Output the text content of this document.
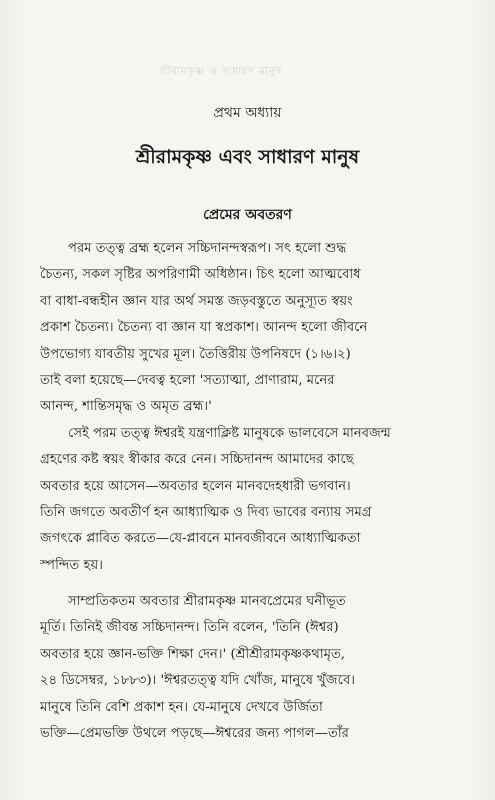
শ্রীরামকৃষ্ণ ও সাধারণ মানুষ
প্রথম অধ্যায়
শ্রীরামকৃষ্ণ এবং সাধারণ মানুষ
প্রেমের অবতরণ
পরম তত্ত্ব ব্রহ্ম হলেন সচ্চিদানন্দস্বরূপ। সৎ হলো শুদ্ধ
চৈতন্য, সকল সৃষ্টির অপরিণামী অধিষ্ঠান। চিৎ হলো আত্মবোধ
বা বাধা-বন্ধহীন জ্ঞান যার অর্থ সমস্ত জড়বস্তুতে অনুস্যূত স্বয়ং
প্রকাশ চৈতন্য। চৈতন্য বা জ্ঞান যা স্বপ্রকাশ। আনন্দ হলো জীবনে
উপভোগ্য যাবতীয় সুখের মূল। তৈত্তিরীয় উপনিষদে (১।৬।২)
তাই বলা হয়েছে—দেবত্ব হলো 'সত্যাত্মা, প্রাণারাম, মনের
আনন্দ, শান্তিসমৃদ্ধ ও অমৃত ব্রহ্ম।'
সেই পরম তত্ত্ব ঈশ্বরই যন্ত্রণাক্লিষ্ট মানুষকে ভালবেসে মানবজন্ম
গ্রহণের কষ্ট স্বয়ং স্বীকার করে নেন। সচ্চিদানন্দ আমাদের কাছে
অবতার হয়ে আসেন—অবতার হলেন মানবদেহধারী ভগবান।
তিনি জগতে অবতীর্ণ হন আধ্যাত্মিক ও দিব্য ভাবের বন্যায় সমগ্র
জগৎকে প্লাবিত করতে—যে-প্লাবনে মানবজীবনে আধ্যাত্মিকতা
স্পন্দিত হয়।
সাম্প্রতিকতম অবতার শ্রীরামকৃষ্ণ মানবপ্রেমের ঘনীভূত
মূর্তি। তিনিই জীবন্ত সচ্চিদানন্দ। তিনি বলেন, 'তিনি (ঈশ্বর)
অবতার হয়ে জ্ঞান-ভক্তি শিক্ষা দেন।' (শ্রীশ্রীরামকৃষ্ণকথামৃত,
২৪ ডিসেম্বর, ১৮৮৩)। 'ঈশ্বরতত্ত্ব যদি খোঁজ, মানুষে খুঁজবে।
মানুষে তিনি বেশি প্রকাশ হন। যে-মানুষে দেখবে উর্জিতা
ভক্তি—প্রেমভক্তি উথলে পড়ছে—ঈশ্বরের জন্য পাগল—তাঁর
